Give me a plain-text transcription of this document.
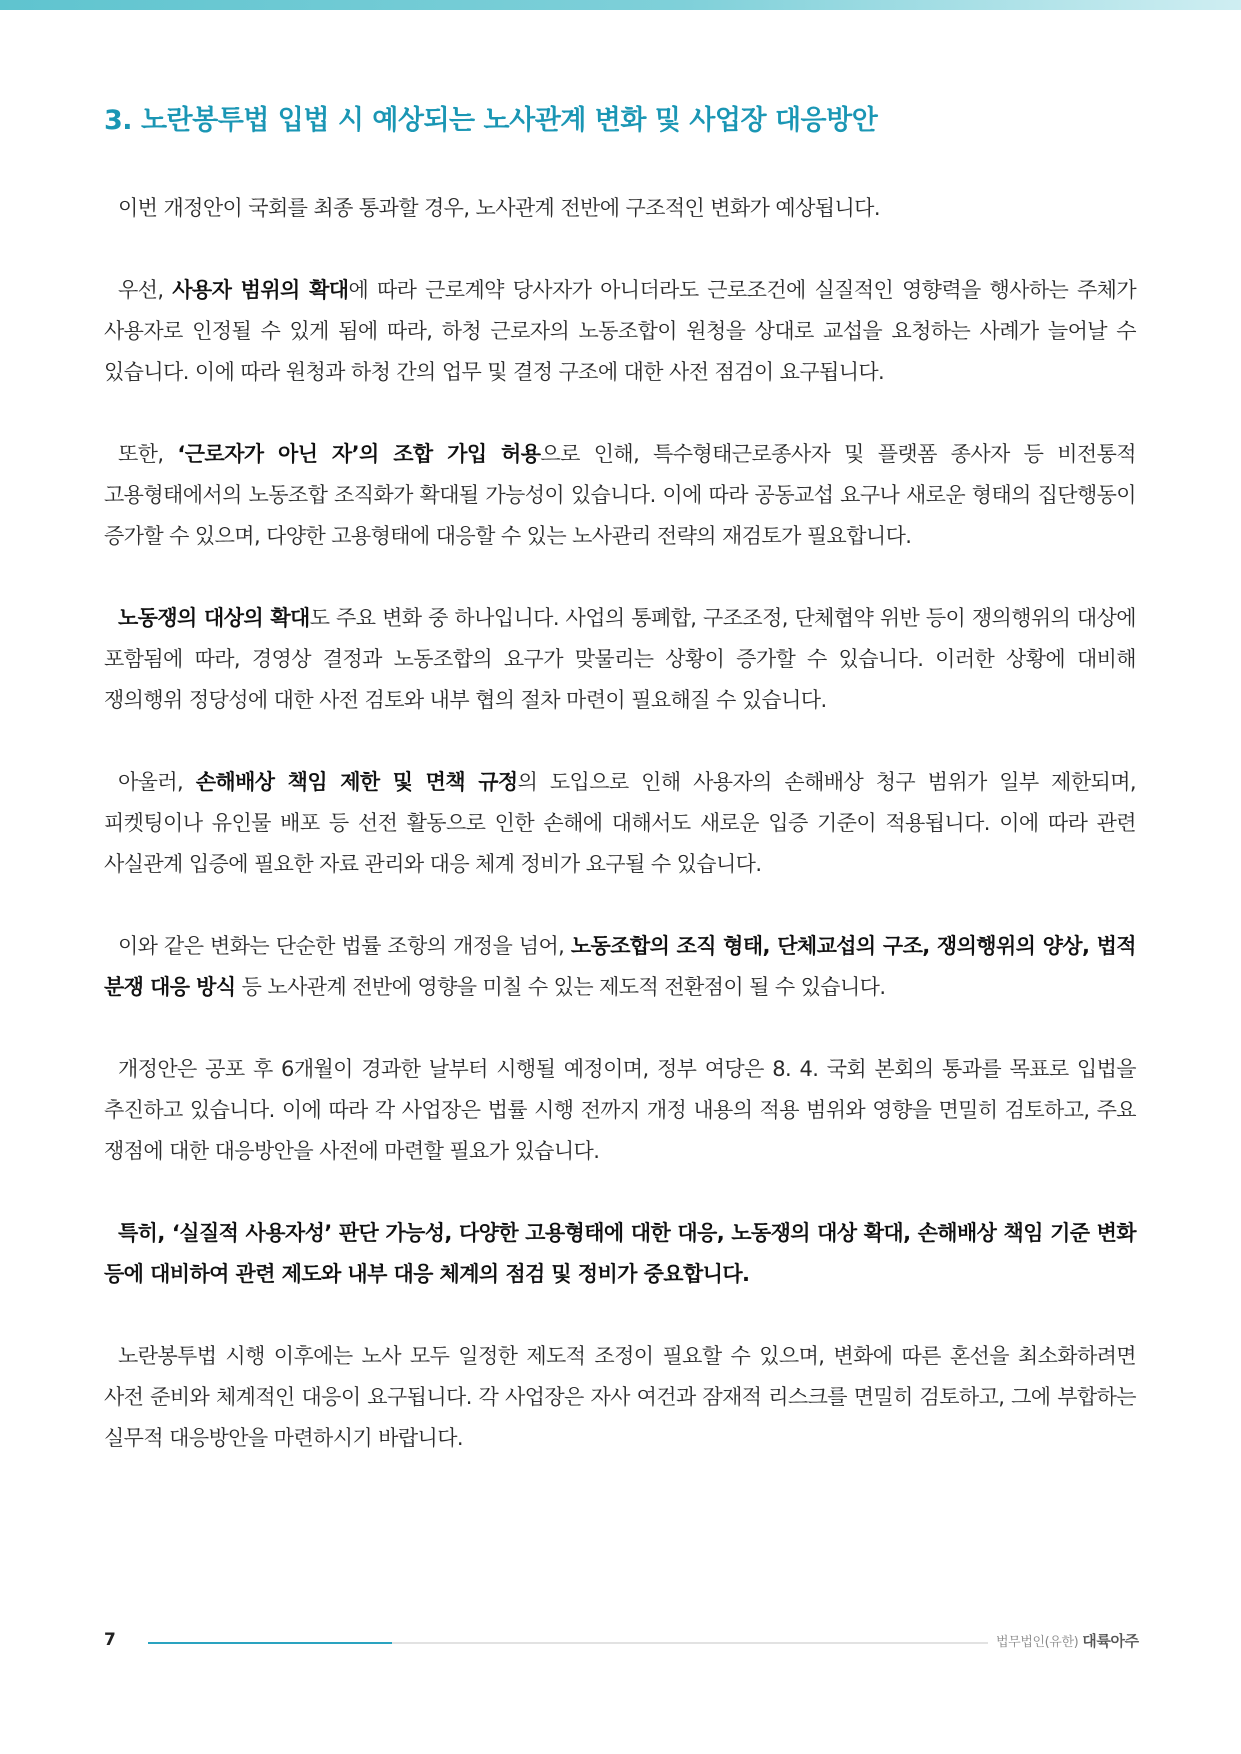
3. 노란봉투법 입법 시 예상되는 노사관계 변화 및 사업장 대응방안

이번 개정안이 국회를 최종 통과할 경우, 노사관계 전반에 구조적인 변화가 예상됩니다.

우선, 사용자 범위의 확대에 따라 근로계약 당사자가 아니더라도 근로조건에 실질적인 영향력을 행사하는 주체가 사용자로 인정될 수 있게 됨에 따라, 하청 근로자의 노동조합이 원청을 상대로 교섭을 요청하는 사례가 늘어날 수 있습니다. 이에 따라 원청과 하청 간의 업무 및 결정 구조에 대한 사전 점검이 요구됩니다.

또한, ‘근로자가 아닌 자’의 조합 가입 허용으로 인해, 특수형태근로종사자 및 플랫폼 종사자 등 비전통적 고용형태에서의 노동조합 조직화가 확대될 가능성이 있습니다. 이에 따라 공동교섭 요구나 새로운 형태의 집단행동이 증가할 수 있으며, 다양한 고용형태에 대응할 수 있는 노사관리 전략의 재검토가 필요합니다.

노동쟁의 대상의 확대도 주요 변화 중 하나입니다. 사업의 통폐합, 구조조정, 단체협약 위반 등이 쟁의행위의 대상에 포함됨에 따라, 경영상 결정과 노동조합의 요구가 맞물리는 상황이 증가할 수 있습니다. 이러한 상황에 대비해 쟁의행위 정당성에 대한 사전 검토와 내부 협의 절차 마련이 필요해질 수 있습니다.

아울러, 손해배상 책임 제한 및 면책 규정의 도입으로 인해 사용자의 손해배상 청구 범위가 일부 제한되며, 피켓팅이나 유인물 배포 등 선전 활동으로 인한 손해에 대해서도 새로운 입증 기준이 적용됩니다. 이에 따라 관련 사실관계 입증에 필요한 자료 관리와 대응 체계 정비가 요구될 수 있습니다.

이와 같은 변화는 단순한 법률 조항의 개정을 넘어, 노동조합의 조직 형태, 단체교섭의 구조, 쟁의행위의 양상, 법적 분쟁 대응 방식 등 노사관계 전반에 영향을 미칠 수 있는 제도적 전환점이 될 수 있습니다.

개정안은 공포 후 6개월이 경과한 날부터 시행될 예정이며, 정부 여당은 8. 4. 국회 본회의 통과를 목표로 입법을 추진하고 있습니다. 이에 따라 각 사업장은 법률 시행 전까지 개정 내용의 적용 범위와 영향을 면밀히 검토하고, 주요 쟁점에 대한 대응방안을 사전에 마련할 필요가 있습니다.

특히, ‘실질적 사용자성’ 판단 가능성, 다양한 고용형태에 대한 대응, 노동쟁의 대상 확대, 손해배상 책임 기준 변화 등에 대비하여 관련 제도와 내부 대응 체계의 점검 및 정비가 중요합니다.

노란봉투법 시행 이후에는 노사 모두 일정한 제도적 조정이 필요할 수 있으며, 변화에 따른 혼선을 최소화하려면 사전 준비와 체계적인 대응이 요구됩니다. 각 사업장은 자사 여건과 잠재적 리스크를 면밀히 검토하고, 그에 부합하는 실무적 대응방안을 마련하시기 바랍니다.

7	법무법인(유한) 대륙아주
